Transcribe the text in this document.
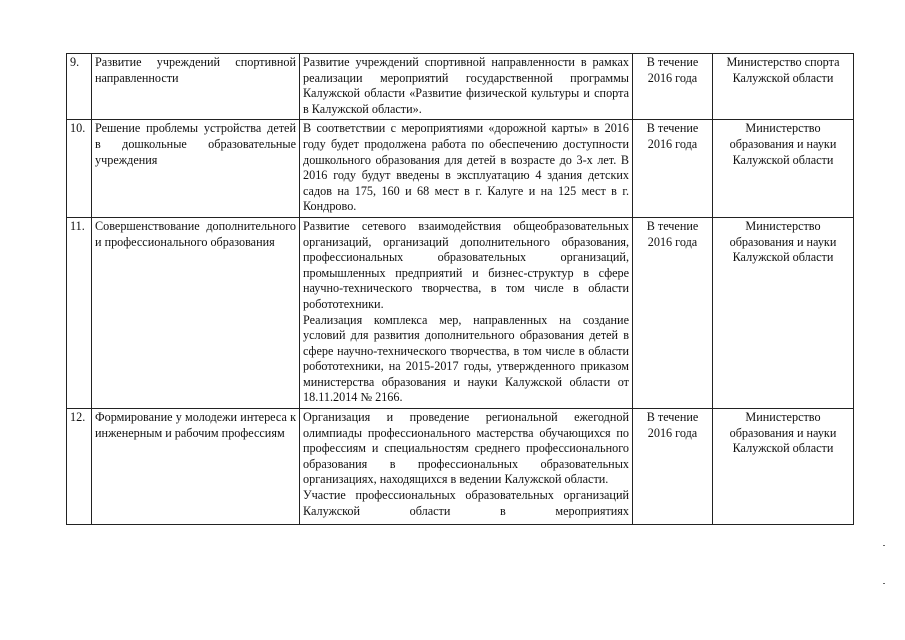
9.	Развитие учреждений спортивной направленности	Развитие учреждений спортивной направленности в рамках реализации мероприятий государственной программы Калужской области «Развитие физической культуры и спорта в Калужской области».	В течение 2016 года	Министерство спорта Калужской области
10.	Решение проблемы устройства детей в дошкольные образовательные учреждения	В соответствии с мероприятиями «дорожной карты» в 2016 году будет продолжена работа по обеспечению доступности дошкольного образования для детей в возрасте до 3-х лет. В 2016 году будут введены в эксплуатацию 4 здания детских садов на 175, 160 и 68 мест в г. Калуге и на 125 мест в г. Кондрово.	В течение 2016 года	Министерство образования и науки Калужской области
11.	Совершенствование дополнительного и профессионального образования	Развитие сетевого взаимодействия общеобразовательных организаций, организаций дополнительного образования, профессиональных образовательных организаций, промышленных предприятий и бизнес-структур в сфере научно-технического творчества, в том числе в области робототехники.
Реализация комплекса мер, направленных на создание условий для развития дополнительного образования детей в сфере научно-технического творчества, в том числе в области робототехники, на 2015-2017 годы, утвержденного приказом министерства образования и науки Калужской области от 18.11.2014 № 2166.	В течение 2016 года	Министерство образования и науки Калужской области
12.	Формирование у молодежи интереса к инженерным и рабочим профессиям	Организация и проведение региональной ежегодной олимпиады профессионального мастерства обучающихся по профессиям и специальностям среднего профессионального образования в профессиональных образовательных организациях, находящихся в ведении Калужской области.
Участие профессиональных образовательных организаций Калужской области в мероприятиях	В течение 2016 года	Министерство образования и науки Калужской области
